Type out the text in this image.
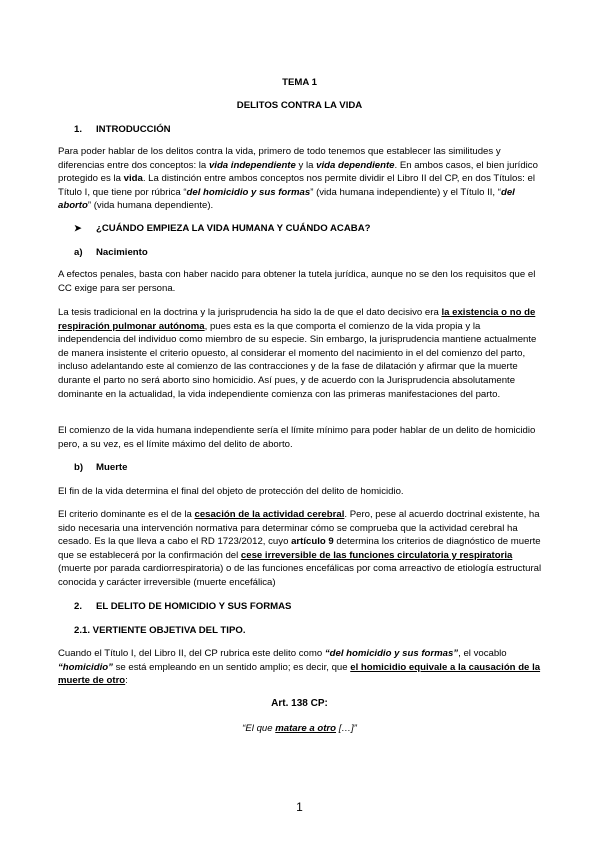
TEMA 1
DELITOS CONTRA LA VIDA
1. INTRODUCCIÓN

Para poder hablar de los delitos contra la vida, primero de todo tenemos que establecer las similitudes y diferencias entre dos conceptos: la vida independiente y la vida dependiente. En ambos casos, el bien jurídico protegido es la vida. La distinción entre ambos conceptos nos permite dividir el Libro II del CP, en dos Títulos: el Título I, que tiene por rúbrica “del homicidio y sus formas” (vida humana independiente) y el Título II, “del aborto” (vida humana dependiente).

➤ ¿CUÁNDO EMPIEZA LA VIDA HUMANA Y CUÁNDO ACABA?
a) Nacimiento

A efectos penales, basta con haber nacido para obtener la tutela jurídica, aunque no se den los requisitos que el CC exige para ser persona.

La tesis tradicional en la doctrina y la jurisprudencia ha sido la de que el dato decisivo era la existencia o no de respiración pulmonar autónoma, pues esta es la que comporta el comienzo de la vida propia y la independencia del individuo como miembro de su especie. Sin embargo, la jurisprudencia mantiene actualmente de manera insistente el criterio opuesto, al considerar el momento del nacimiento in el del comienzo del parto, incluso adelantando este al comienzo de las contracciones y de la fase de dilatación y afirmar que la muerte durante el parto no será aborto sino homicidio. Así pues, y de acuerdo con la Jurisprudencia absolutamente dominante en la actualidad, la vida independiente comienza con las primeras manifestaciones del parto.

El comienzo de la vida humana independiente sería el límite mínimo para poder hablar de un delito de homicidio pero, a su vez, es el límite máximo del delito de aborto.

b) Muerte

El fin de la vida determina el final del objeto de protección del delito de homicidio.

El criterio dominante es el de la cesación de la actividad cerebral. Pero, pese al acuerdo doctrinal existente, ha sido necesaria una intervención normativa para determinar cómo se comprueba que la actividad cerebral ha cesado. Es la que lleva a cabo el RD 1723/2012, cuyo artículo 9 determina los criterios de diagnóstico de muerte que se establecerá por la confirmación del cese irreversible de las funciones circulatoria y respiratoria (muerte por parada cardiorrespiratoria) o de las funciones encefálicas por coma arreactivo de etiología estructural conocida y carácter irreversible (muerte encefálica)

2. EL DELITO DE HOMICIDIO Y SUS FORMAS
2.1. VERTIENTE OBJETIVA DEL TIPO.

Cuando el Título I, del Libro II, del CP rubrica este delito como “del homicidio y sus formas”, el vocablo “homicidio” se está empleando en un sentido amplio; es decir, que el homicidio equivale a la causación de la muerte de otro:

Art. 138 CP:
“El que matare a otro […]”
1
